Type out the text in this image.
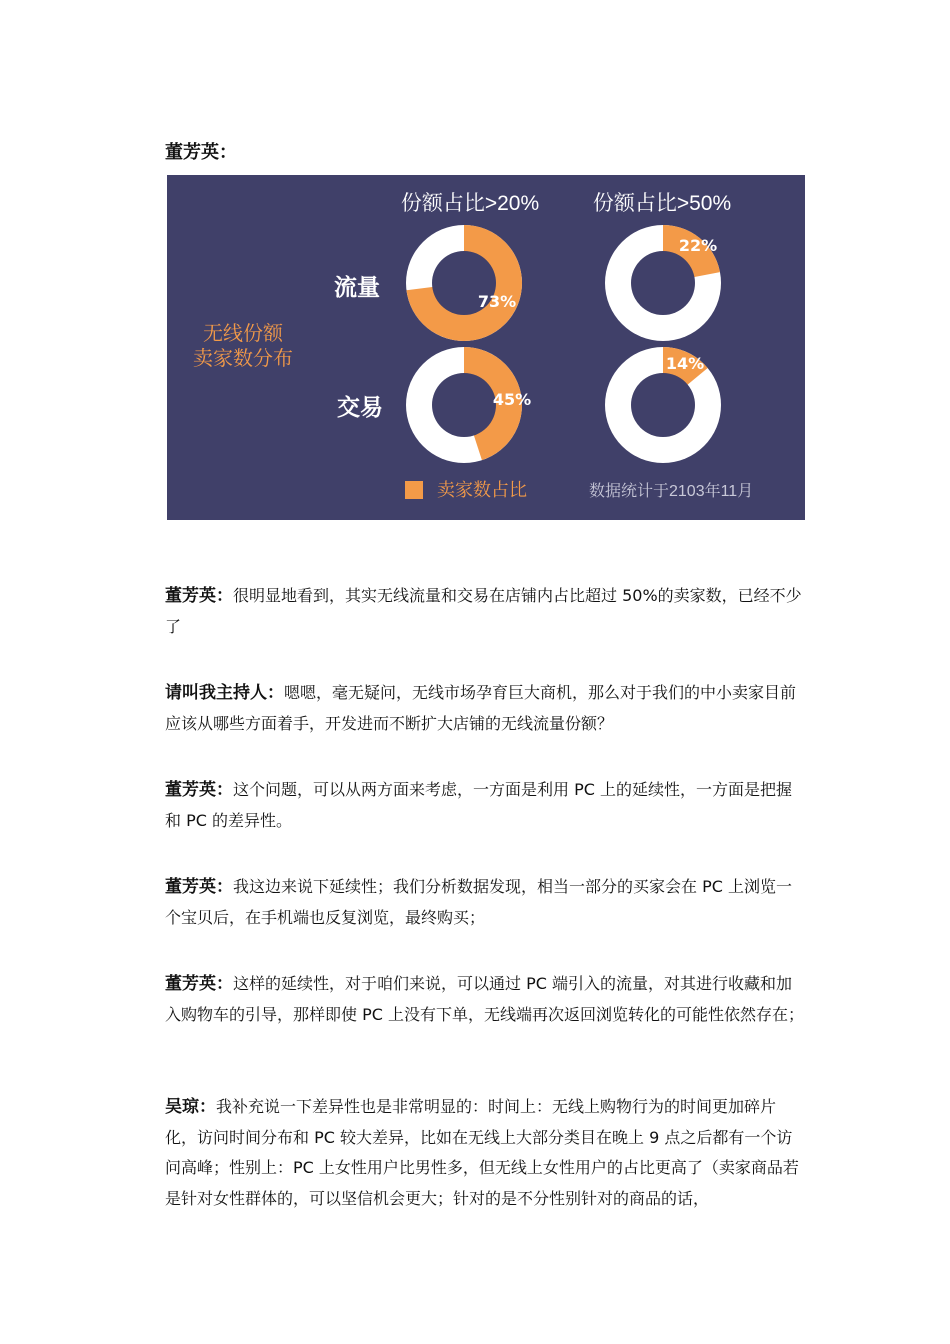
董芳英：
无线份额
卖家数分布
份额占比>20%	份额占比>50%
流量
交易
73%
22%
45%
14%
卖家数占比	数据统计于2103年11月
董芳英：很明显地看到，其实无线流量和交易在店铺内占比超过 50%的卖家数，已经不少了
请叫我主持人：嗯嗯，毫无疑问，无线市场孕育巨大商机，那么对于我们的中小卖家目前应该从哪些方面着手，开发进而不断扩大店铺的无线流量份额？
董芳英：这个问题，可以从两方面来考虑，一方面是利用 PC 上的延续性，一方面是把握和 PC 的差异性。
董芳英：我这边来说下延续性；我们分析数据发现，相当一部分的买家会在 PC 上浏览一个宝贝后，在手机端也反复浏览，最终购买；
董芳英：这样的延续性，对于咱们来说，可以通过 PC 端引入的流量，对其进行收藏和加入购物车的引导，那样即使 PC 上没有下单，无线端再次返回浏览转化的可能性依然存在；
吴琼：我补充说一下差异性也是非常明显的：时间上：无线上购物行为的时间更加碎片化，访问时间分布和 PC 较大差异，比如在无线上大部分类目在晚上 9 点之后都有一个访问高峰；性别上：PC 上女性用户比男性多，但无线上女性用户的占比更高了（卖家商品若是针对女性群体的，可以坚信机会更大；针对的是不分性别针对的商品的话，
